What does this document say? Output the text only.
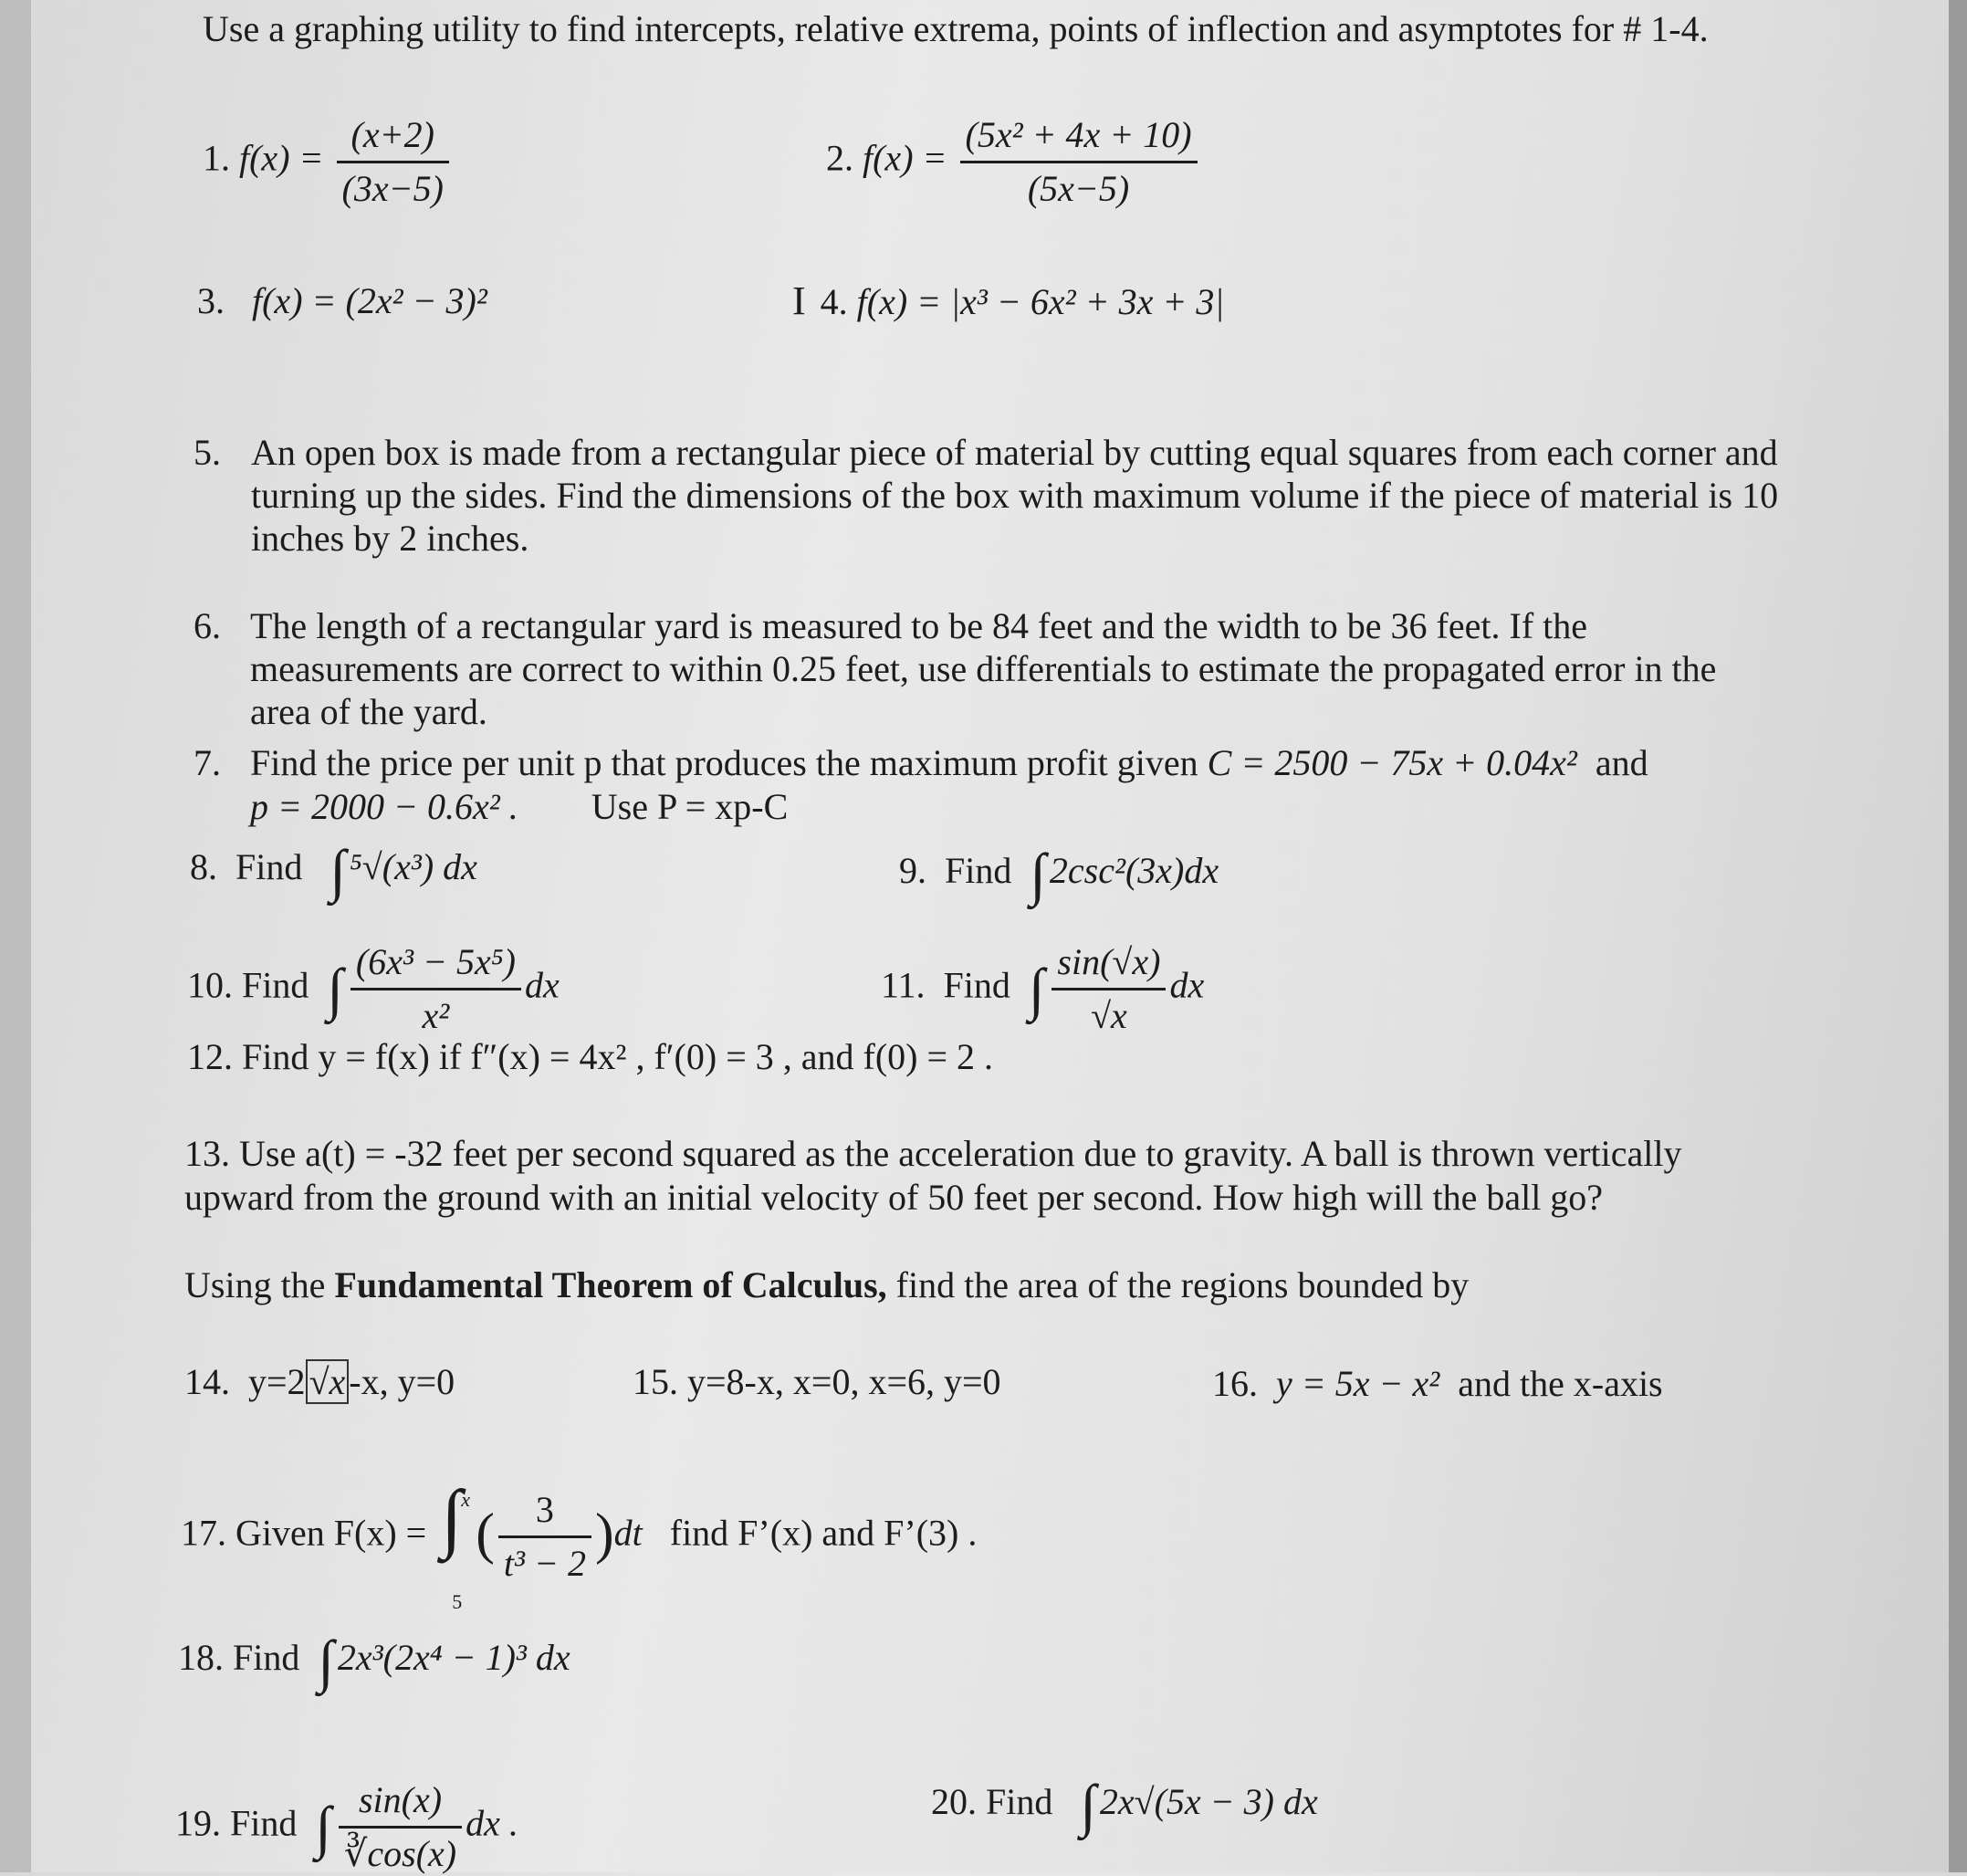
Use a graphing utility to find intercepts, relative extrema, points of inflection and asymptotes for # 1-4.
1. $f(x) = \frac{(x+2)}{(3x-5)}$	2. $f(x) = \frac{\text{(5x² + 4x + 10)}}{(5x-5)}$
3. f(x) = (2x² − 3)²	I 4. f(x) = |x³ − 6x² + 3x + 3|
5. An open box is made from a rectangular piece of material by cutting equal squares from each corner and
turning up the sides. Find the dimensions of the box with maximum volume if the piece of material is 10
inches by 2 inches.
6. The length of a rectangular yard is measured to be 84 feet and the width to be 36 feet. If the
measurements are correct to within 0.25 feet, use differentials to estimate the propagated error in the
area of the yard.
7. Find the price per unit p that produces the maximum profit given C = 2500 − 75x + 0.04x² and
p = 2000 − 0.6x² . Use P = xp-C
8. Find ∫ ⁵√(x³) dx	9. Find ∫ 2csc²(3x)dx
10. Find ∫ $\frac{\text{(6x³ − 5x⁵)}}{\text{x²}}$ dx	11. Find ∫ $\frac{\sin(√x)}{√x}$ dx
12. Find y = f(x) if f″(x) = 4x² , f′(0) = 3 , and f(0) = 2 .
13. Use a(t) = -32 feet per second squared as the acceleration due to gravity. A ball is thrown vertically
upward from the ground with an initial velocity of 50 feet per second. How high will the ball go?
Using the Fundamental Theorem of Calculus, find the area of the regions bounded by
14. y=2 √x -x, y=0	15. y=8-x, x=0, x=6, y=0	16. y = 5x − x² and the x-axis
17. Given F(x) = ∫
x
5
( $\frac{3}{\text{t³ − 2}} )dt$ find F’(x) and F’(3) .
18. Find ∫ 2x³(2x⁴ − 1)³ dx
19. Find ∫ $\frac{\sin(x)}{∛\cos(x)}$ dx .
20. Find ∫ 2x√(5x − 3) dx
